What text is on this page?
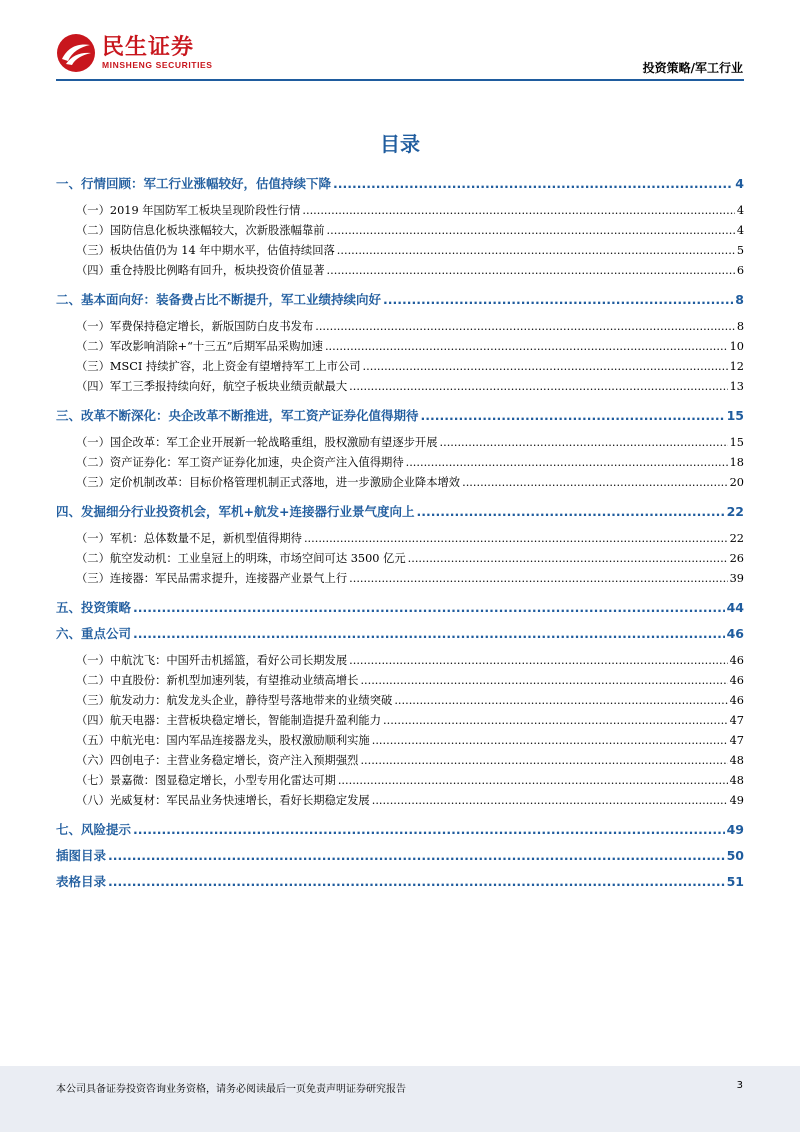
民生证券
MINSHENG SECURITIES	投资策略/军工行业
目录
一、行情回顾：军工行业涨幅较好，估值持续下降 .....	4
（一）2019 年国防军工板块呈现阶段性行情 .....	4
（二）国防信息化板块涨幅较大，次新股涨幅靠前 .....	4
（三）板块估值仍为 14 年中期水平，估值持续回落 .....	5
（四）重仓持股比例略有回升，板块投资价值显著 .....	6
二、基本面向好：装备费占比不断提升，军工业绩持续向好 .....	8
（一）军费保持稳定增长，新版国防白皮书发布 .....	8
（二）军改影响消除+“十三五”后期军品采购加速 .....	10
（三）MSCI 持续扩容，北上资金有望增持军工上市公司 .....	12
（四）军工三季报持续向好，航空子板块业绩贡献最大 .....	13
三、改革不断深化：央企改革不断推进，军工资产证券化值得期待 .....	15
（一）国企改革：军工企业开展新一轮战略重组，股权激励有望逐步开展 .....	15
（二）资产证券化：军工资产证券化加速，央企资产注入值得期待 .....	18
（三）定价机制改革：目标价格管理机制正式落地，进一步激励企业降本增效 .....	20
四、发掘细分行业投资机会，军机+航发+连接器行业景气度向上 .....	22
（一）军机：总体数量不足，新机型值得期待 .....	22
（二）航空发动机：工业皇冠上的明珠，市场空间可达 3500 亿元 .....	26
（三）连接器：军民品需求提升，连接器产业景气上行 .....	39
五、投资策略 .....	44
六、重点公司 .....	46
（一）中航沈飞：中国歼击机摇篮，看好公司长期发展 .....	46
（二）中直股份：新机型加速列装，有望推动业绩高增长 .....	46
（三）航发动力：航发龙头企业，静待型号落地带来的业绩突破 .....	46
（四）航天电器：主营板块稳定增长，智能制造提升盈利能力 .....	47
（五）中航光电：国内军品连接器龙头，股权激励顺利实施 .....	47
（六）四创电子：主营业务稳定增长，资产注入预期强烈 .....	48
（七）景嘉微：图显稳定增长，小型专用化雷达可期 .....	48
（八）光威复材：军民品业务快速增长，看好长期稳定发展 .....	49
七、风险提示 .....	49
插图目录 .....	50
表格目录 .....	51
本公司具备证券投资咨询业务资格，请务必阅读最后一页免责声明证券研究报告	3
